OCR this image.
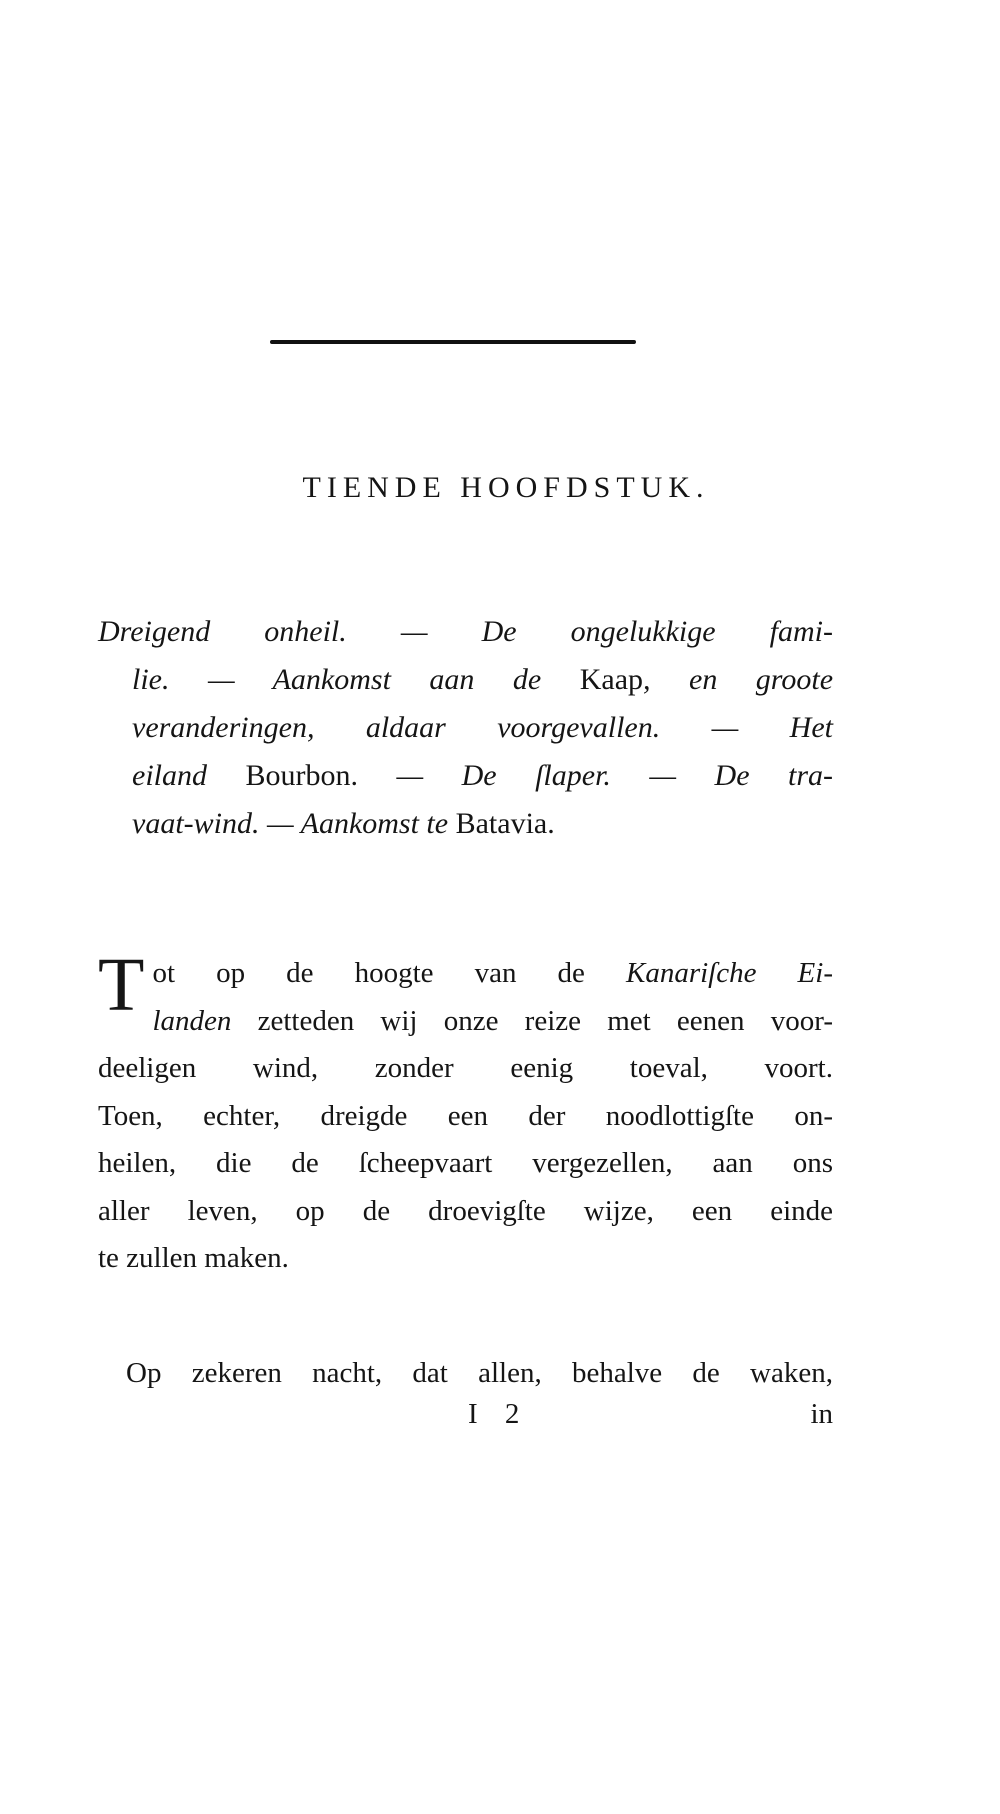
TIENDE HOOFDSTUK.
Dreigend onheil. — De ongelukkige fami-
lie. — Aankomst aan de Kaap, en groote
veranderingen, aldaar voorgevallen. — Het
eiland Bourbon. — De ſlaper. — De tra-
vaat-wind. — Aankomst te Batavia.
T ot op de hoogte van de Kanariſche Ei-
landen zetteden wij onze reize met eenen voor-
deeligen wind, zonder eenig toeval, voort.
Toen, echter, dreigde een der noodlottigſte on-
heilen, die de ſcheepvaart vergezellen, aan ons
aller leven, op de droevigſte wijze, een einde
te zullen maken.
Op zekeren nacht, dat allen, behalve de waken,
I 2	in
